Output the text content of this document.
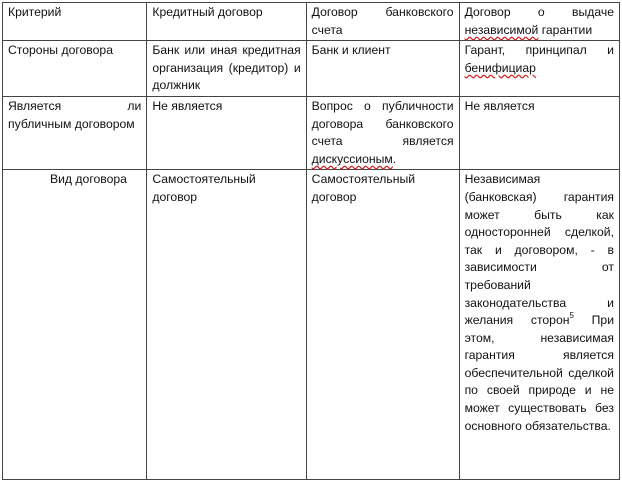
Критерий	Кредитный договор	Договор банковского счета	Договор о выдаче независимой гарантии
Стороны договора	Банк или иная кредитная организация (кредитор) и должник	Банк и клиент	Гарант, принципал и бенифициар
Является ли публичным договором	Не является	Вопрос о публичности договора банковского счета является дискуссионым.	Не является
Вид договора	Самостоятельный договор	Самостоятельный договор	Независимая (банковская) гарантия может быть как односторонней сделкой, так и договором, - в зависимости от требований законодательства и желания сторон$^5$ При этом, независимая гарантия является обеспечительной сделкой по своей природе и не может существовать без основного обязательства.
